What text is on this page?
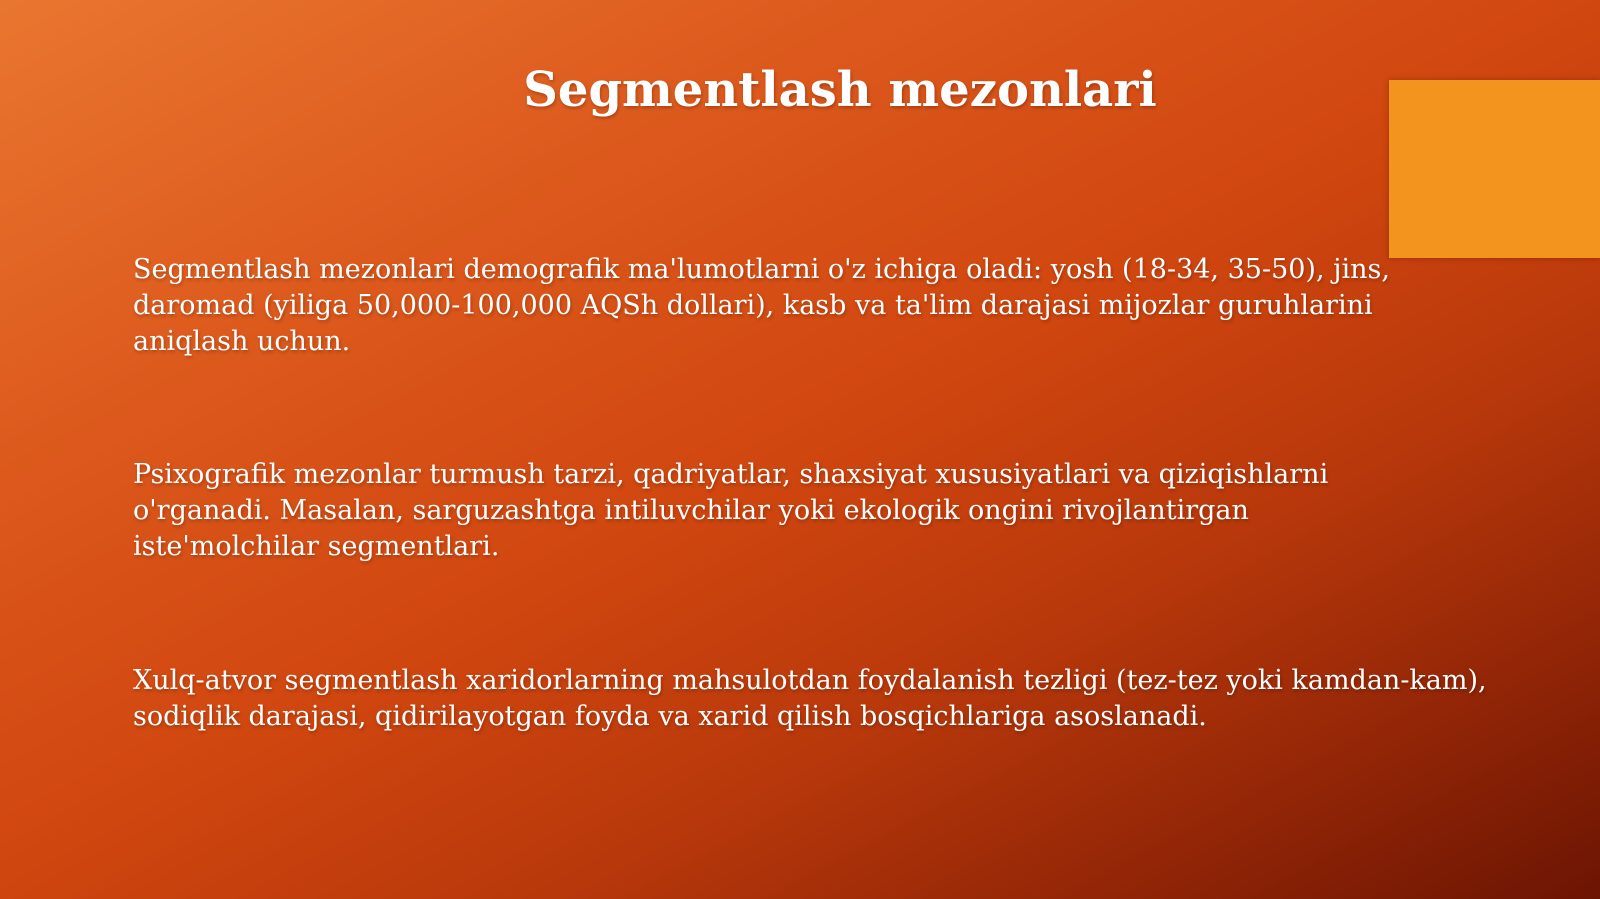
Segmentlash mezonlari

Segmentlash mezonlari demografik ma'lumotlarni o'z ichiga oladi: yosh (18-34, 35-50), jins, daromad (yiliga 50,000-100,000 AQSh dollari), kasb va ta'lim darajasi mijozlar guruhlarini aniqlash uchun.

Psixografik mezonlar turmush tarzi, qadriyatlar, shaxsiyat xususiyatlari va qiziqishlarni o'rganadi. Masalan, sarguzashtga intiluvchilar yoki ekologik ongini rivojlantirgan iste'molchilar segmentlari.

Xulq-atvor segmentlash xaridorlarning mahsulotdan foydalanish tezligi (tez-tez yoki kamdan-kam), sodiqlik darajasi, qidirilayotgan foyda va xarid qilish bosqichlariga asoslanadi.
